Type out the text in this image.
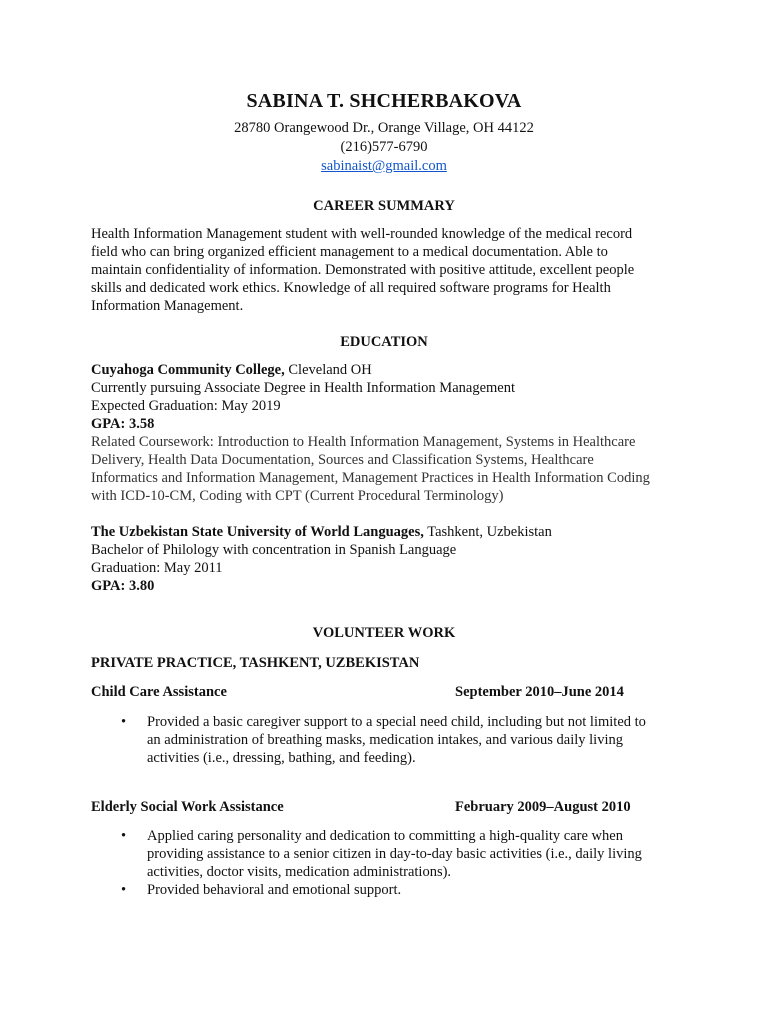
SABINA T. SHCHERBAKOVA
28780 Orangewood Dr., Orange Village, OH 44122
(216)577-6790
sabinaist@gmail.com
CAREER SUMMARY
Health Information Management student with well-rounded knowledge of the medical record
field who can bring organized efficient management to a medical documentation. Able to
maintain confidentiality of information. Demonstrated with positive attitude, excellent people
skills and dedicated work ethics. Knowledge of all required software programs for Health
Information Management.
EDUCATION
Cuyahoga Community College, Cleveland OH
Currently pursuing Associate Degree in Health Information Management
Expected Graduation: May 2019
GPA: 3.58
Related Coursework: Introduction to Health Information Management, Systems in Healthcare
Delivery, Health Data Documentation, Sources and Classification Systems, Healthcare
Informatics and Information Management, Management Practices in Health Information Coding
with ICD-10-CM, Coding with CPT (Current Procedural Terminology)
The Uzbekistan State University of World Languages, Tashkent, Uzbekistan
Bachelor of Philology with concentration in Spanish Language
Graduation: May 2011
GPA: 3.80
VOLUNTEER WORK
PRIVATE PRACTICE, TASHKENT, UZBEKISTAN
Child Care Assistance	September 2010–June 2014
• Provided a basic caregiver support to a special need child, including but not limited to
an administration of breathing masks, medication intakes, and various daily living
activities (i.e., dressing, bathing, and feeding).
Elderly Social Work Assistance	February 2009–August 2010
• Applied caring personality and dedication to committing a high-quality care when
providing assistance to a senior citizen in day-to-day basic activities (i.e., daily living
activities, doctor visits, medication administrations).
• Provided behavioral and emotional support.
